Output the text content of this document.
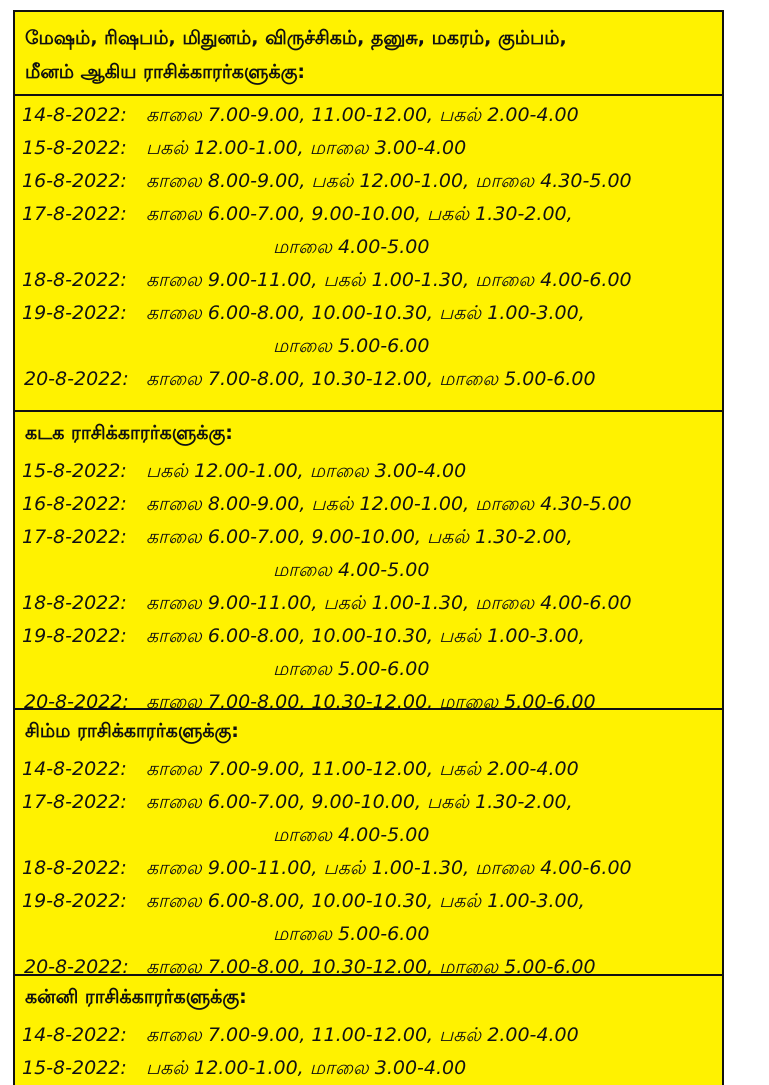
மேஷம், ரிஷபம், மிதுனம், விருச்சிகம், தனுசு, மகரம், கும்பம்,
மீனம் ஆகிய ராசிக்காரர்களுக்கு:
14-8-2022:	காலை 7.00-9.00, 11.00-12.00, பகல் 2.00-4.00
15-8-2022:	பகல் 12.00-1.00, மாலை 3.00-4.00
16-8-2022:	காலை 8.00-9.00, பகல் 12.00-1.00, மாலை 4.30-5.00
17-8-2022:	காலை 6.00-7.00, 9.00-10.00, பகல் 1.30-2.00,
மாலை 4.00-5.00
18-8-2022:	காலை 9.00-11.00, பகல் 1.00-1.30, மாலை 4.00-6.00
19-8-2022:	காலை 6.00-8.00, 10.00-10.30, பகல் 1.00-3.00,
மாலை 5.00-6.00
20-8-2022: காலை 7.00-8.00, 10.30-12.00, மாலை 5.00-6.00
கடக ராசிக்காரர்களுக்கு:
15-8-2022:	பகல் 12.00-1.00, மாலை 3.00-4.00
16-8-2022:	காலை 8.00-9.00, பகல் 12.00-1.00, மாலை 4.30-5.00
17-8-2022:	காலை 6.00-7.00, 9.00-10.00, பகல் 1.30-2.00,
மாலை 4.00-5.00
18-8-2022:	காலை 9.00-11.00, பகல் 1.00-1.30, மாலை 4.00-6.00
19-8-2022:	காலை 6.00-8.00, 10.00-10.30, பகல் 1.00-3.00,
மாலை 5.00-6.00
20-8-2022: காலை 7.00-8.00, 10.30-12.00, மாலை 5.00-6.00
சிம்ம ராசிக்காரர்களுக்கு:
14-8-2022:	காலை 7.00-9.00, 11.00-12.00, பகல் 2.00-4.00
17-8-2022:	காலை 6.00-7.00, 9.00-10.00, பகல் 1.30-2.00,
மாலை 4.00-5.00
18-8-2022:	காலை 9.00-11.00, பகல் 1.00-1.30, மாலை 4.00-6.00
19-8-2022:	காலை 6.00-8.00, 10.00-10.30, பகல் 1.00-3.00,
மாலை 5.00-6.00
20-8-2022: காலை 7.00-8.00, 10.30-12.00, மாலை 5.00-6.00
கன்னி ராசிக்காரர்களுக்கு:
14-8-2022:	காலை 7.00-9.00, 11.00-12.00, பகல் 2.00-4.00
15-8-2022:	பகல் 12.00-1.00, மாலை 3.00-4.00
